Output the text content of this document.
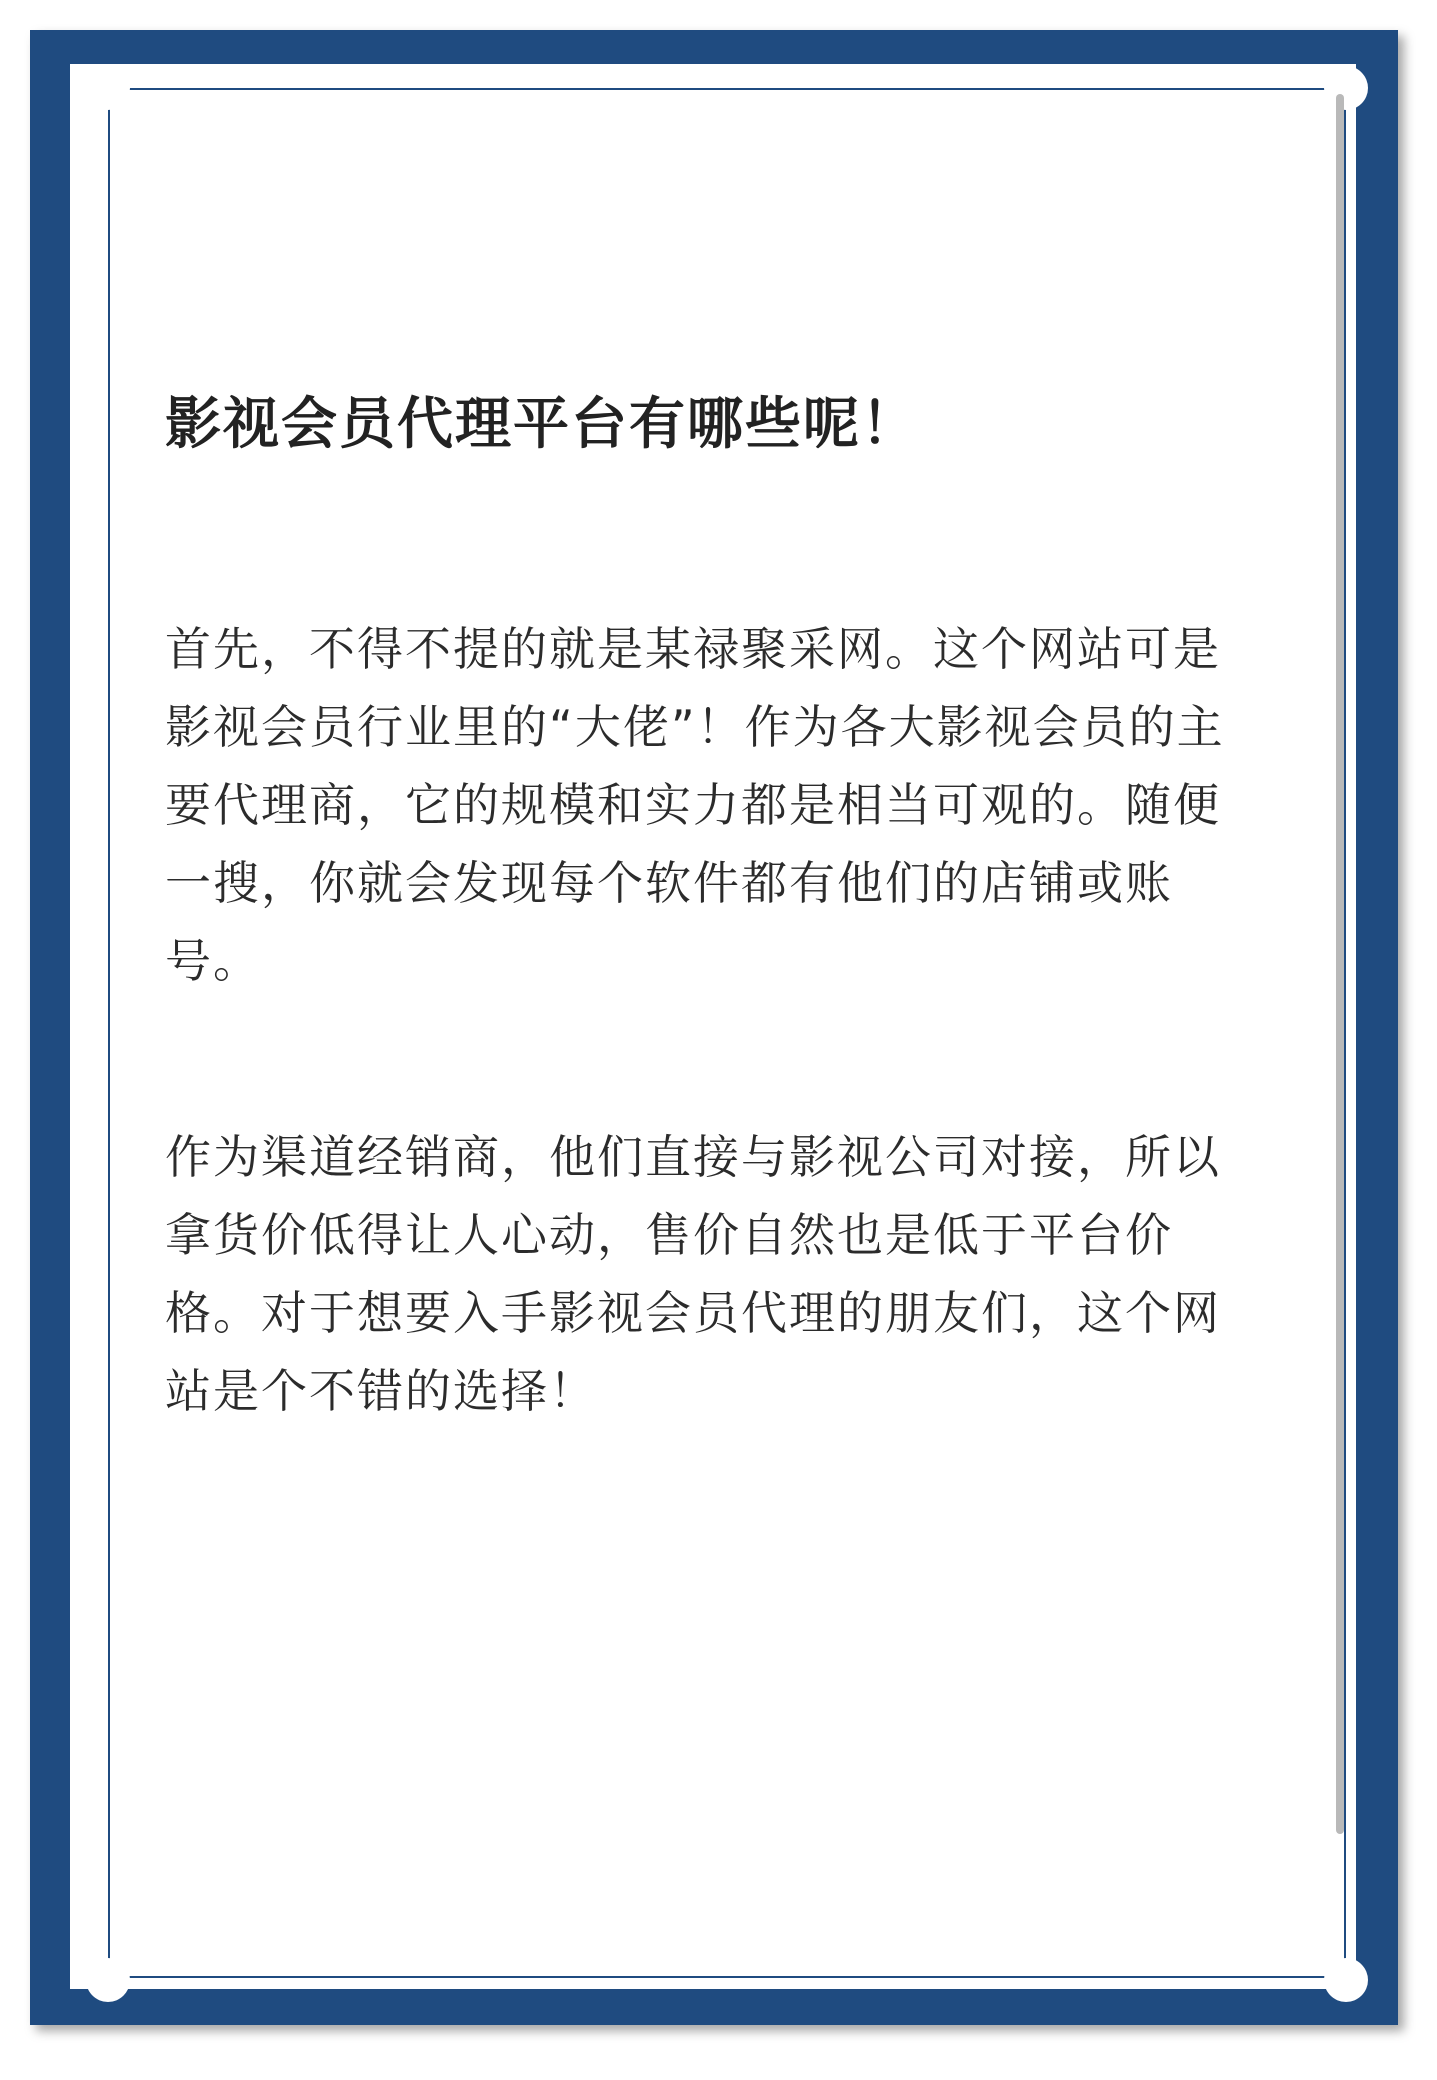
影视会员代理平台有哪些呢！

首先，不得不提的就是某禄聚采网。这个网站可是影视会员行业里的“大佬”！作为各大影视会员的主要代理商，它的规模和实力都是相当可观的。随便一搜，你就会发现每个软件都有他们的店铺或账号。

作为渠道经销商，他们直接与影视公司对接，所以拿货价低得让人心动，售价自然也是低于平台价格。对于想要入手影视会员代理的朋友们，这个网站是个不错的选择！
